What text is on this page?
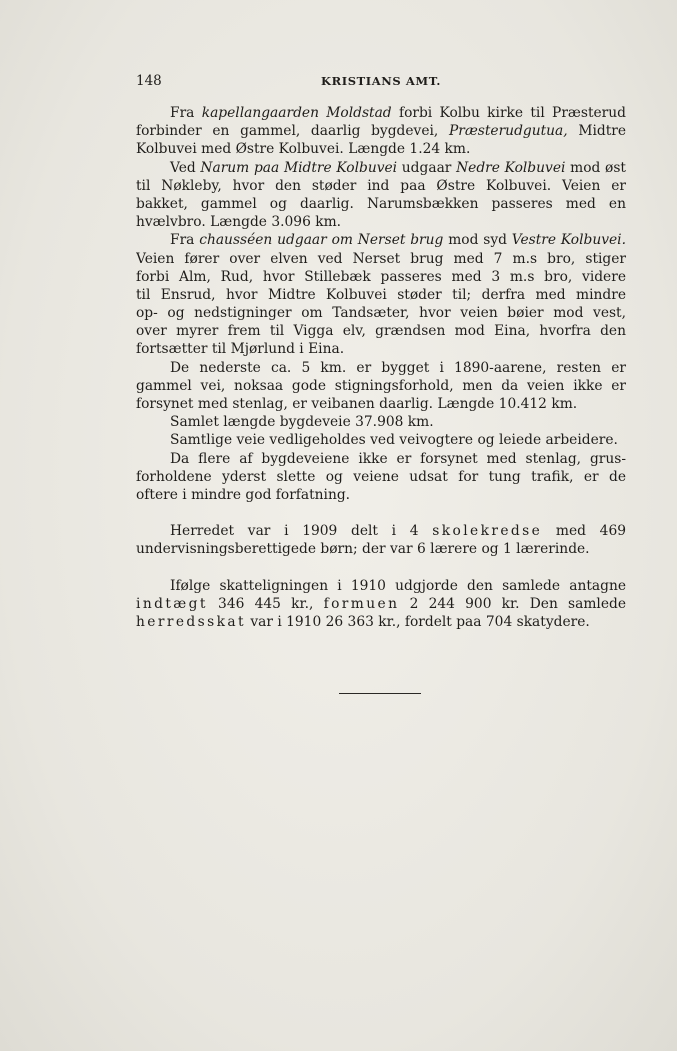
148	KRISTIANS AMT.
Fra kapellangaarden Moldstad forbi Kolbu kirke til Præsterud
forbinder en gammel, daarlig bygdevei, Præsterudgutua, Midtre
Kolbuvei med Østre Kolbuvei. Længde 1.24 km.
Ved Narum paa Midtre Kolbuvei udgaar Nedre Kolbuvei mod øst
til Nøkleby, hvor den støder ind paa Østre Kolbuvei. Veien er
bakket, gammel og daarlig. Narumsbækken passeres med en
hvælvbro. Længde 3.096 km.
Fra chausséen udgaar om Nerset brug mod syd Vestre Kolbuvei.
Veien fører over elven ved Nerset brug med 7 m.s bro, stiger
forbi Alm, Rud, hvor Stillebæk passeres med 3 m.s bro, videre
til Ensrud, hvor Midtre Kolbuvei støder til; derfra med mindre
op- og nedstigninger om Tandsæter, hvor veien bøier mod vest,
over myrer frem til Vigga elv, grændsen mod Eina, hvorfra den
fortsætter til Mjørlund i Eina.
De nederste ca. 5 km. er bygget i 1890-aarene, resten er
gammel vei, noksaa gode stigningsforhold, men da veien ikke er
forsynet med stenlag, er veibanen daarlig. Længde 10.412 km.
Samlet længde bygdeveie 37.908 km.
Samtlige veie vedligeholdes ved veivogtere og leiede arbeidere.
Da flere af bygdeveiene ikke er forsynet med stenlag, grus-
forholdene yderst slette og veiene udsat for tung trafik, er de
oftere i mindre god forfatning.
Herredet var i 1909 delt i 4 skolekredse med 469
undervisningsberettigede børn; der var 6 lærere og 1 lærerinde.
Ifølge skatteligningen i 1910 udgjorde den samlede antagne
indtægt 346 445 kr., formuen 2 244 900 kr. Den samlede
herredsskat var i 1910 26 363 kr., fordelt paa 704 skatydere.
